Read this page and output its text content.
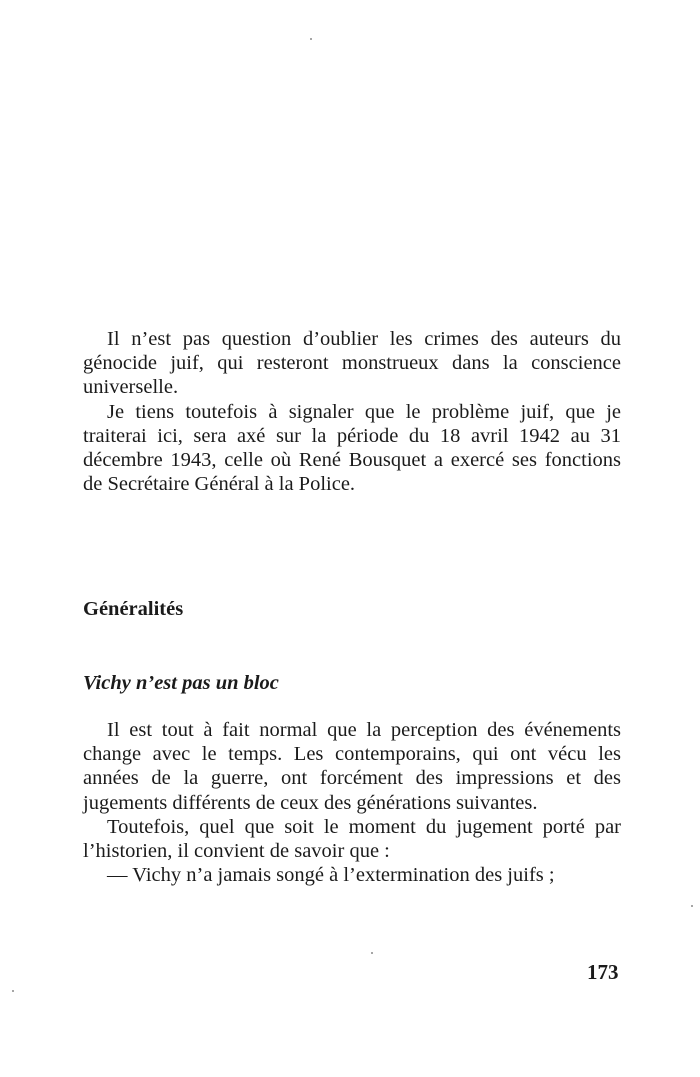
Il n’est pas question d’oublier les crimes des auteurs du génocide juif, qui resteront monstrueux dans la conscience universelle.

Je tiens toutefois à signaler que le problème juif, que je traiterai ici, sera axé sur la période du 18 avril 1942 au 31 décembre 1943, celle où René Bousquet a exercé ses fonctions de Secrétaire Général à la Police.

Généralités
Vichy n’est pas un bloc

Il est tout à fait normal que la perception des événements change avec le temps. Les contemporains, qui ont vécu les années de la guerre, ont forcément des impressions et des jugements différents de ceux des générations suivantes.

Toutefois, quel que soit le moment du jugement porté par l’historien, il convient de savoir que :

— Vichy n’a jamais songé à l’extermination des juifs ;

173
